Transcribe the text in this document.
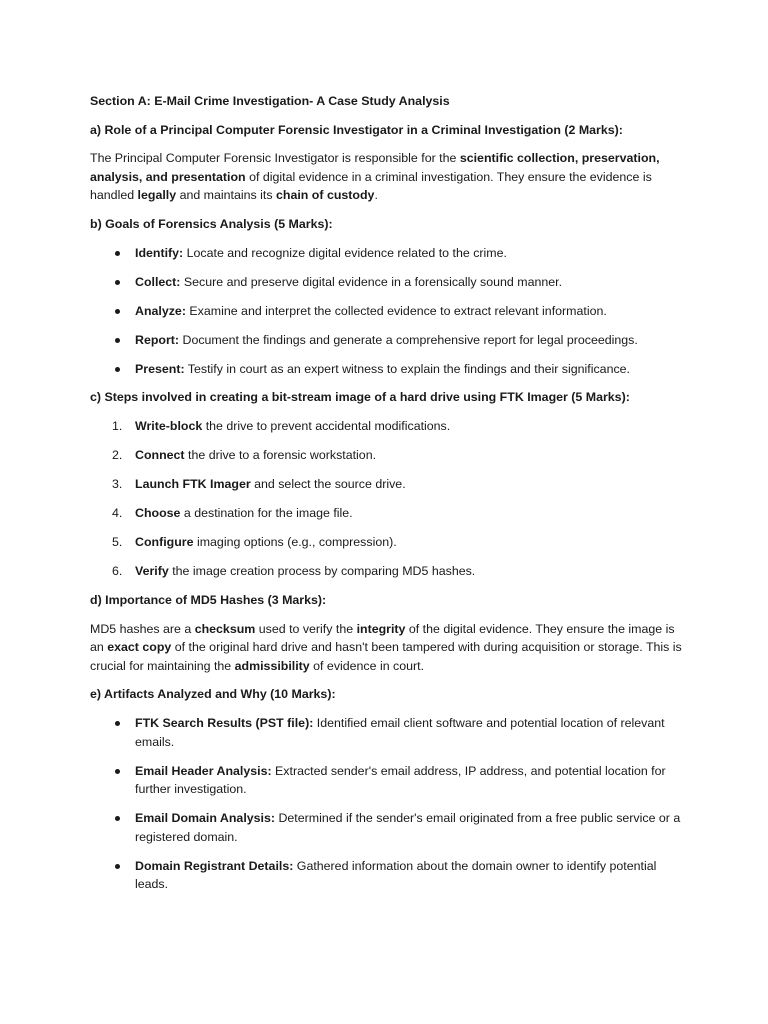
Section A: E-Mail Crime Investigation- A Case Study Analysis
a) Role of a Principal Computer Forensic Investigator in a Criminal Investigation (2 Marks):

The Principal Computer Forensic Investigator is responsible for the scientific collection, preservation, analysis, and presentation of digital evidence in a criminal investigation. They ensure the evidence is handled legally and maintains its chain of custody.

b) Goals of Forensics Analysis (5 Marks):
Identify: Locate and recognize digital evidence related to the crime.
Collect: Secure and preserve digital evidence in a forensically sound manner.
Analyze: Examine and interpret the collected evidence to extract relevant information.
Report: Document the findings and generate a comprehensive report for legal proceedings.
Present: Testify in court as an expert witness to explain the findings and their significance.
c) Steps involved in creating a bit-stream image of a hard drive using FTK Imager (5 Marks):
1. Write-block the drive to prevent accidental modifications.
2. Connect the drive to a forensic workstation.
3. Launch FTK Imager and select the source drive.
4. Choose a destination for the image file.
5. Configure imaging options (e.g., compression).
6. Verify the image creation process by comparing MD5 hashes.
d) Importance of MD5 Hashes (3 Marks):

MD5 hashes are a checksum used to verify the integrity of the digital evidence. They ensure the image is an exact copy of the original hard drive and hasn't been tampered with during acquisition or storage. This is crucial for maintaining the admissibility of evidence in court.

e) Artifacts Analyzed and Why (10 Marks):
FTK Search Results (PST file): Identified email client software and potential location of relevant emails.
Email Header Analysis: Extracted sender's email address, IP address, and potential location for further investigation.
Email Domain Analysis: Determined if the sender's email originated from a free public service or a registered domain.
Domain Registrant Details: Gathered information about the domain owner to identify potential leads.
